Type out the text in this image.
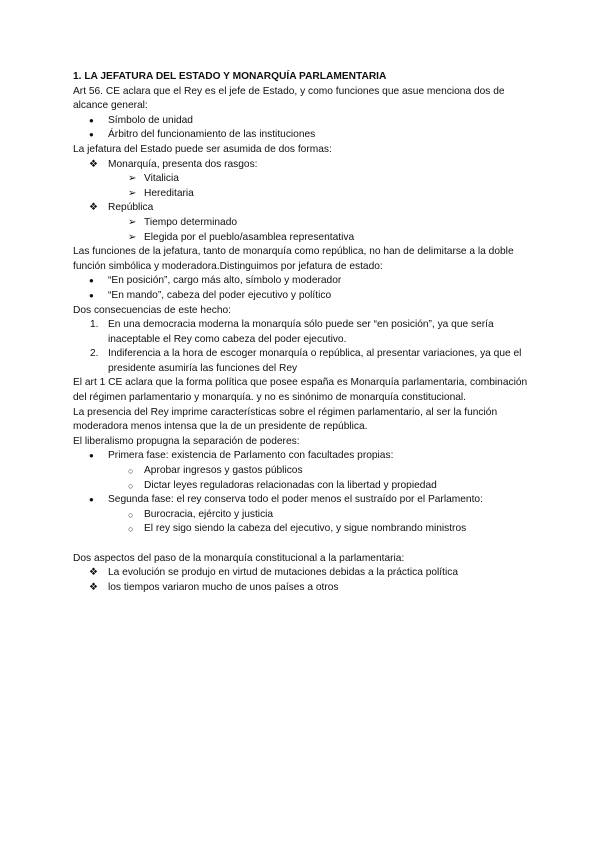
1. LA JEFATURA DEL ESTADO Y MONARQUÍA PARLAMENTARIA

Art 56. CE aclara que el Rey es el jefe de Estado, y como funciones que asue menciona dos de alcance general:

● Símbolo de unidad
● Árbitro del funcionamiento de las instituciones

La jefatura del Estado puede ser asumida de dos formas:

❖ Monarquía, presenta dos rasgos:
➢ Vitalicia
➢ Hereditaria
❖ República
➢ Tiempo determinado
➢ Elegida por el pueblo/asamblea representativa

Las funciones de la jefatura, tanto de monarquía como república, no han de delimitarse a la doble función simbólica y moderadora.Distinguimos por jefatura de estado:

● “En posición”, cargo más alto, símbolo y moderador
● “En mando”, cabeza del poder ejecutivo y político

Dos consecuencias de este hecho:

1. En una democracia moderna la monarquía sólo puede ser “en posición”, ya que sería inaceptable el Rey como cabeza del poder ejecutivo.
2. Indiferencia a la hora de escoger monarquía o república, al presentar variaciones, ya que el presidente asumiría las funciones del Rey

El art 1 CE aclara que la forma política que posee españa es Monarquía parlamentaria, combinación del régimen parlamentario y monarquía. y no es sinónimo de monarquía constitucional.

La presencia del Rey imprime características sobre el régimen parlamentario, al ser la función moderadora menos intensa que la de un presidente de república.

El liberalismo propugna la separación de poderes:

● Primera fase: existencia de Parlamento con facultades propias:
○ Aprobar ingresos y gastos públicos
○ Dictar leyes reguladoras relacionadas con la libertad y propiedad
● Segunda fase: el rey conserva todo el poder menos el sustraído por el Parlamento:
○ Burocracia, ejército y justicia
○ El rey sigo siendo la cabeza del ejecutivo, y sigue nombrando ministros

Dos aspectos del paso de la monarquía constitucional a la parlamentaria:

❖ La evolución se produjo en virtud de mutaciones debidas a la práctica política
❖ los tiempos variaron mucho de unos países a otros
